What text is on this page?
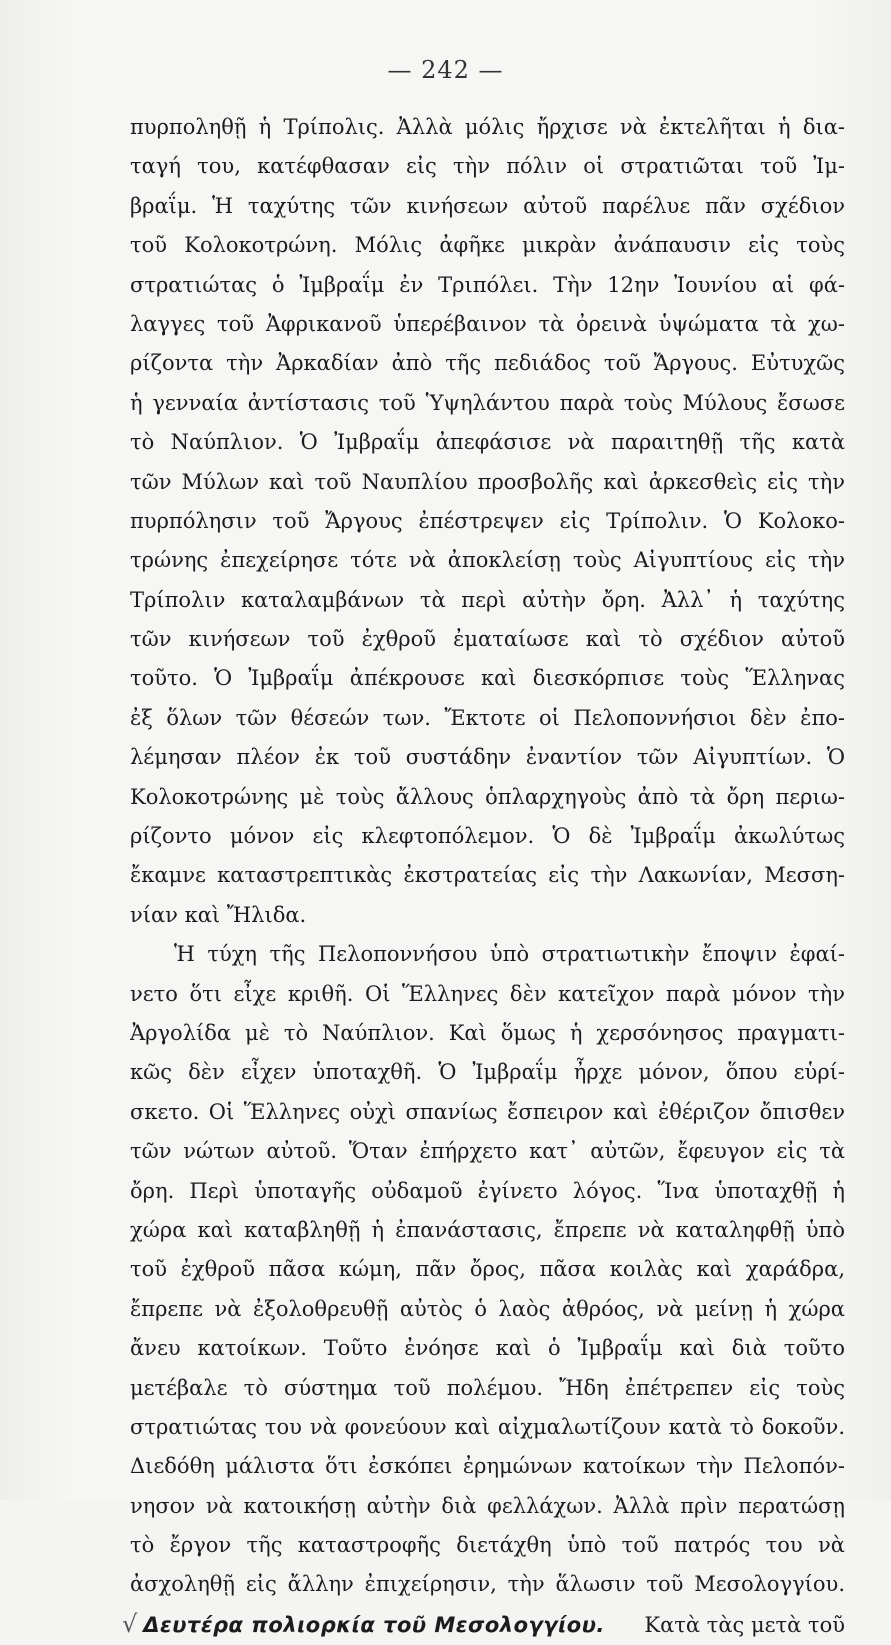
— 242 —
πυρποληθῇ ἡ Τρίπολις. Ἀλλὰ μόλις ἤρχισε νὰ ἐκτελῆται ἡ δια-
ταγή του, κατέφθασαν εἰς τὴν πόλιν οἱ στρατιῶται τοῦ Ἰμ-
βραΐμ. Ἡ ταχύτης τῶν κινήσεων αὐτοῦ παρέλυε πᾶν σχέδιον
τοῦ Κολοκοτρώνη. Μόλις ἀφῆκε μικρὰν ἀνάπαυσιν εἰς τοὺς
στρατιώτας ὁ Ἰμβραΐμ ἐν Τριπόλει. Τὴν 12ην Ἰουνίου αἱ φά-
λαγγες τοῦ Ἀφρικανοῦ ὑπερέβαινον τὰ ὀρεινὰ ὑψώματα τὰ χω-
ρίζοντα τὴν Ἀρκαδίαν ἀπὸ τῆς πεδιάδος τοῦ Ἄργους. Εὐτυχῶς
ἡ γενναία ἀντίστασις τοῦ Ὑψηλάντου παρὰ τοὺς Μύλους ἔσωσε
τὸ Ναύπλιον. Ὁ Ἰμβραΐμ ἀπεφάσισε νὰ παραιτηθῇ τῆς κατὰ
τῶν Μύλων καὶ τοῦ Ναυπλίου προσβολῆς καὶ ἀρκεσθεὶς εἰς τὴν
πυρπόλησιν τοῦ Ἄργους ἐπέστρεψεν εἰς Τρίπολιν. Ὁ Κολοκο-
τρώνης ἐπεχείρησε τότε νὰ ἀποκλείσῃ τοὺς Αἰγυπτίους εἰς τὴν
Τρίπολιν καταλαμβάνων τὰ περὶ αὐτὴν ὄρη. Ἀλλ᾽ ἡ ταχύτης
τῶν κινήσεων τοῦ ἐχθροῦ ἐματαίωσε καὶ τὸ σχέδιον αὐτοῦ
τοῦτο. Ὁ Ἰμβραΐμ ἀπέκρουσε καὶ διεσκόρπισε τοὺς Ἕλληνας
ἐξ ὅλων τῶν θέσεών των. Ἔκτοτε οἱ Πελοποννήσιοι δὲν ἐπο-
λέμησαν πλέον ἐκ τοῦ συστάδην ἐναντίον τῶν Αἰγυπτίων. Ὁ
Κολοκοτρώνης μὲ τοὺς ἄλλους ὁπλαρχηγοὺς ἀπὸ τὰ ὄρη περιω-
ρίζοντο μόνον εἰς κλεφτοπόλεμον. Ὁ δὲ Ἰμβραΐμ ἀκωλύτως
ἔκαμνε καταστρεπτικὰς ἐκστρατείας εἰς τὴν Λακωνίαν, Μεσση-
νίαν καὶ Ἤλιδα.
Ἡ τύχη τῆς Πελοποννήσου ὑπὸ στρατιωτικὴν ἔποψιν ἐφαί-
νετο ὅτι εἶχε κριθῆ. Οἱ Ἕλληνες δὲν κατεῖχον παρὰ μόνον τὴν
Ἀργολίδα μὲ τὸ Ναύπλιον. Καὶ ὅμως ἡ χερσόνησος πραγματι-
κῶς δὲν εἶχεν ὑποταχθῆ. Ὁ Ἰμβραΐμ ἦρχε μόνον, ὅπου εὑρί-
σκετο. Οἱ Ἕλληνες οὐχὶ σπανίως ἔσπειρον καὶ ἐθέριζον ὄπισθεν
τῶν νώτων αὐτοῦ. Ὅταν ἐπήρχετο κατ᾽ αὐτῶν, ἔφευγον εἰς τὰ
ὄρη. Περὶ ὑποταγῆς οὐδαμοῦ ἐγίνετο λόγος. Ἵνα ὑποταχθῇ ἡ
χώρα καὶ καταβληθῇ ἡ ἐπανάστασις, ἔπρεπε νὰ καταληφθῇ ὑπὸ
τοῦ ἐχθροῦ πᾶσα κώμη, πᾶν ὄρος, πᾶσα κοιλὰς καὶ χαράδρα,
ἔπρεπε νὰ ἐξολοθρευθῇ αὐτὸς ὁ λαὸς ἀθρόος, νὰ μείνῃ ἡ χώρα
ἄνευ κατοίκων. Τοῦτο ἐνόησε καὶ ὁ Ἰμβραΐμ καὶ διὰ τοῦτο
μετέβαλε τὸ σύστημα τοῦ πολέμου. Ἤδη ἐπέτρεπεν εἰς τοὺς
στρατιώτας του νὰ φονεύουν καὶ αἰχμαλωτίζουν κατὰ τὸ δοκοῦν.
Διεδόθη μάλιστα ὅτι ἐσκόπει ἐρημώνων κατοίκων τὴν Πελοπόν-
νησον νὰ κατοικήσῃ αὐτὴν διὰ φελλάχων. Ἀλλὰ πρὶν περατώσῃ
τὸ ἔργον τῆς καταστροφῆς διετάχθη ὑπὸ τοῦ πατρός του νὰ
ἀσχοληθῇ εἰς ἄλλην ἐπιχείρησιν, τὴν ἅλωσιν τοῦ Μεσολογγίου.
√ Δευτέρα πολιορκία τοῦ Μεσολογγίου.	Κατὰ τὰς μετὰ τοῦ
